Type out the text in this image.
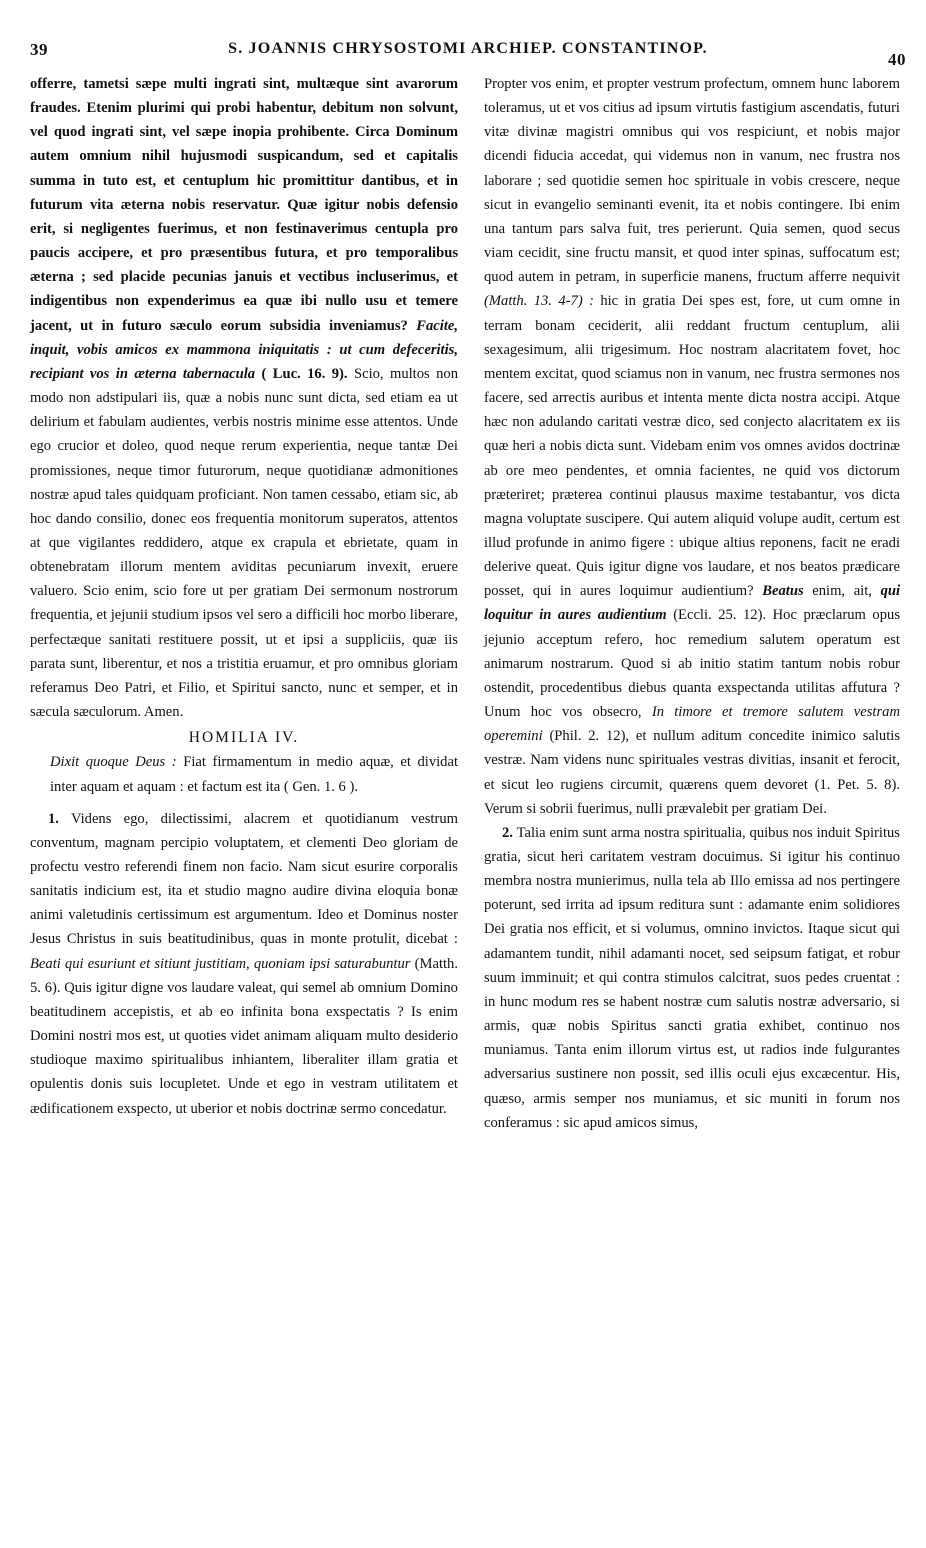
39	S. JOANNIS CHRYSOSTOMI ARCHIEP. CONSTANTINOP.
40

offerre, tametsi sæpe multi ingrati sint, multæque sint avarorum fraudes. Etenim plurimi qui probi habentur, debitum non solvunt, vel quod ingrati sint, vel sæpe inopia prohibente. Circa Dominum autem omnium nihil hujusmodi suspicandum, sed et capitalis summa in tuto est, et centuplum hic promittitur dantibus, et in futurum vita æterna nobis reservatur. Quæ igitur nobis defensio erit, si negligentes fuerimus, et non festinaverimus centupla pro paucis accipere, et pro præsentibus futura, et pro temporalibus æterna ; sed placide pecunias januis et vectibus incluserimus, et indigentibus non expenderimus ea quæ ibi nullo usu et temere jacent, ut in futuro sæculo eorum subsidia inveniamus? Facite, inquit, vobis amicos ex mammona iniquitatis : ut cum defeceritis, recipiant vos in æterna tabernacula ( Luc. 16. 9). Scio, multos non modo non adstipulari iis, quæ a nobis nunc sunt dicta, sed etiam ea ut delirium et fabulam audientes, verbis nostris minime esse attentos. Unde ego crucior et doleo, quod neque rerum experientia, neque tantæ Dei promissiones, neque timor futurorum, neque quotidianæ admonitiones nostræ apud tales quidquam proficiant. Non tamen cessabo, etiam sic, ab hoc dando consilio, donec eos frequentia monitorum superatos, attentos at que vigilantes reddidero, atque ex crapula et ebrietate, quam in obtenebratam illorum mentem aviditas pecuniarum invexit, eruere valuero. Scio enim, scio fore ut per gratiam Dei sermonum nostrorum frequentia, et jejunii studium ipsos vel sero a difficili hoc morbo liberare, perfectæque sanitati restituere possit, ut et ipsi a suppliciis, quæ iis parata sunt, liberentur, et nos a tristitia eruamur, et pro omnibus gloriam referamus Deo Patri, et Filio, et Spiritui sancto, nunc et semper, et in sæcula sæculorum. Amen.

HOMILIA IV.

Dixit quoque Deus : Fiat firmamentum in medio aquæ, et dividat inter aquam et aquam : et factum est ita ( Gen. 1. 6 ).

1. Videns ego, dilectissimi, alacrem et quotidianum vestrum conventum, magnam percipio voluptatem, et clementi Deo gloriam de profectu vestro referendi finem non facio. Nam sicut esurire corporalis sanitatis indicium est, ita et studio magno audire divina eloquia bonæ animi valetudinis certissimum est argumentum. Ideo et Dominus noster Jesus Christus in suis beatitudinibus, quas in monte protulit, dicebat : Beati qui esuriunt et sitiunt justitiam, quoniam ipsi saturabuntur (Matth. 5. 6). Quis igitur digne vos laudare valeat, qui semel ab omnium Domino beatitudinem accepistis, et ab eo infinita bona exspectatis ? Is enim Domini nostri mos est, ut quoties videt animam aliquam multo desiderio studioque maximo spiritualibus inhiantem, liberaliter illam gratia et opulentis donis suis locupletet. Unde et ego in vestram utilitatem et ædificationem exspecto, ut uberior et nobis doctrinæ sermo concedatur.

Propter vos enim, et propter vestrum profectum, omnem hunc laborem toleramus, ut et vos citius ad ipsum virtutis fastigium ascendatis, futuri vitæ divinæ magistri omnibus qui vos respiciunt, et nobis major dicendi fiducia accedat, qui videmus non in vanum, nec frustra nos laborare ; sed quotidie semen hoc spirituale in vobis crescere, neque sicut in evangelio seminanti evenit, ita et nobis contingere. Ibi enim una tantum pars salva fuit, tres perierunt. Quia semen, quod secus viam cecidit, sine fructu mansit, et quod inter spinas, suffocatum est; quod autem in petram, in superficie manens, fructum afferre nequivit (Matth. 13. 4-7) : hic in gratia Dei spes est, fore, ut cum omne in terram bonam ceciderit, alii reddant fructum centuplum, alii sexagesimum, alii trigesimum. Hoc nostram alacritatem fovet, hoc mentem excitat, quod sciamus non in vanum, nec frustra sermones nos facere, sed arrectis auribus et intenta mente dicta nostra accipi. Atque hæc non adulando caritati vestræ dico, sed conjecto alacritatem ex iis quæ heri a nobis dicta sunt. Videbam enim vos omnes avidos doctrinæ ab ore meo pendentes, et omnia facientes, ne quid vos dictorum præteriret; præterea continui plausus maxime testabantur, vos dicta magna voluptate suscipere. Qui autem aliquid volupe audit, certum est illud profunde in animo figere : ubique altius reponens, facit ne eradi delerive queat. Quis igitur digne vos laudare, et nos beatos prædicare posset, qui in aures loquimur audientium? Beatus enim, ait, qui loquitur in aures audientium (Eccli. 25. 12). Hoc præclarum opus jejunio acceptum refero, hoc remedium salutem operatum est animarum nostrarum. Quod si ab initio statim tantum nobis robur ostendit, procedentibus diebus quanta exspectanda utilitas affutura ? Unum hoc vos obsecro, In timore et tremore salutem vestram operemini (Phil. 2. 12), et nullum aditum concedite inimico salutis vestræ. Nam videns nunc spirituales vestras divitias, insanit et ferocit, et sicut leo rugiens circumit, quærens quem devoret (1. Pet. 5. 8). Verum si sobrii fuerimus, nulli prævalebit per gratiam Dei.

2. Talia enim sunt arma nostra spiritualia, quibus nos induit Spiritus gratia, sicut heri caritatem vestram docuimus. Si igitur his continuo membra nostra munierimus, nulla tela ab Illo emissa ad nos pertingere poterunt, sed irrita ad ipsum reditura sunt : adamante enim solidiores Dei gratia nos efficit, et si volumus, omnino invictos. Itaque sicut qui adamantem tundit, nihil adamanti nocet, sed seipsum fatigat, et robur suum imminuit; et qui contra stimulos calcitrat, suos pedes cruentat : in hunc modum res se habent nostræ cum salutis nostræ adversario, si armis, quæ nobis Spiritus sancti gratia exhibet, continuo nos muniamus. Tanta enim illorum virtus est, ut radios inde fulgurantes adversarius sustinere non possit, sed illis oculi ejus excæcentur. His, quæso, armis semper nos muniamus, et sic muniti in forum nos conferamus : sic apud amicos simus,
